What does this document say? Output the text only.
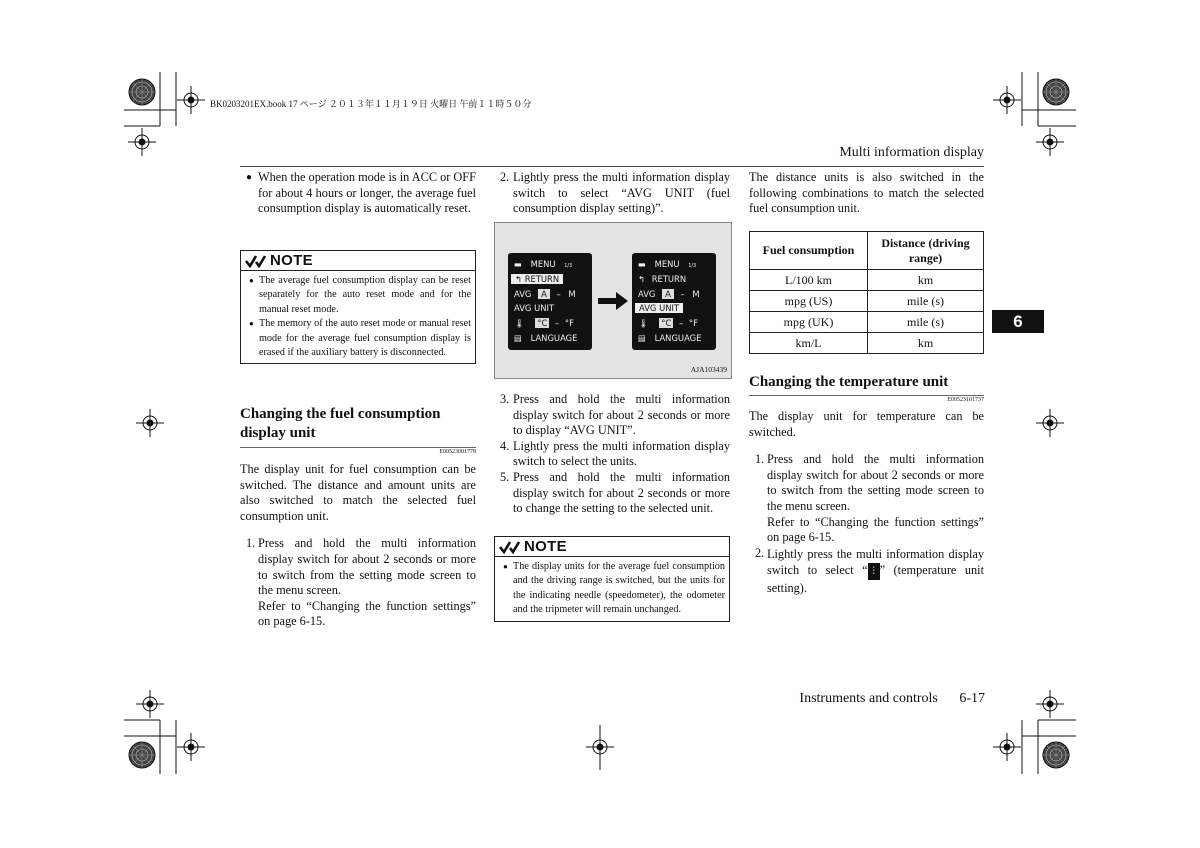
BK0203201EX.book 17 ページ ２０１３年１１月１９日 火曜日 午前１１時５０分
Multi information display
6
● When the operation mode is in ACC or OFF for about 4 hours or longer, the average fuel consumption display is automatically reset.
NOTE
● The average fuel consumption display can be reset separately for the auto reset mode and for the manual reset mode.
● The memory of the auto reset mode or manual reset mode for the average fuel consumption display is erased if the auxiliary battery is disconnected.
Changing the fuel consumption display unit
E00523001778
The display unit for fuel consumption can be switched. The distance and amount units are also switched to match the selected fuel consumption unit.
1. Press and hold the multi information display switch for about 2 seconds or more to switch from the setting mode screen to the menu screen.
Refer to “Changing the function settings” on page 6-15.
2. Lightly press the multi information display switch to select “AVG UNIT (fuel consumption display setting)”.
▬ MENU 1/3
↰ RETURN
AVG A – M
AVG UNIT
🌡 °C – °F
▤ LANGUAGE
▬ MENU 1/3
↰ RETURN
AVG A – M
AVG UNIT
🌡 °C – °F
▤ LANGUAGE
AJA103439
3. Press and hold the multi information display switch for about 2 seconds or more to display “AVG UNIT”.
4. Lightly press the multi information display switch to select the units.
5. Press and hold the multi information display switch for about 2 seconds or more to change the setting to the selected unit.
NOTE
● The display units for the average fuel consumption and the driving range is switched, but the units for the indicating needle (speedometer), the odometer and the tripmeter will remain unchanged.
The distance units is also switched in the following combinations to match the selected fuel consumption unit.
Fuel consumption	Distance (driving range)
L/100 km	km
mpg (US)	mile (s)
mpg (UK)	mile (s)
km/L	km
Changing the temperature unit
E00523101737
The display unit for temperature can be switched.
1. Press and hold the multi information display switch for about 2 seconds or more to switch from the setting mode screen to the menu screen.
Refer to “Changing the function settings” on page 6-15.
2. Lightly press the multi information display switch to select “ ⫶ ” (temperature unit setting).
Instruments and controls 6-17
